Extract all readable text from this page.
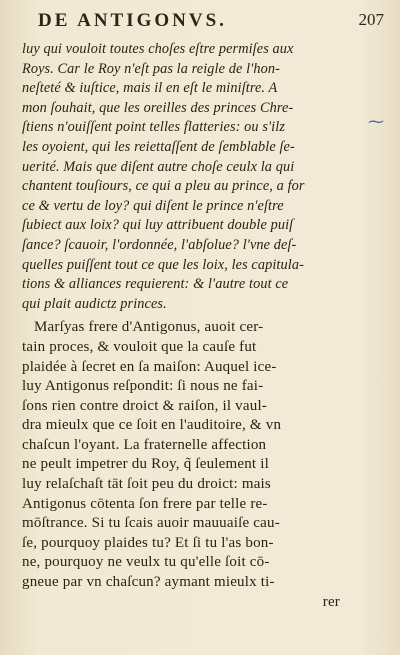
DE ANTIGONVS.	207
⁓
luy qui vouloit toutes choſes eſtre permiſes aux
Roys. Car le Roy n'eſt pas la reigle de l'hon-
neſteté & iuſtice, mais il en eſt le miniſtre. A
mon ſouhait, que les oreilles des princes Chre-
ſtiens n'ouiſſent point telles flatteries: ou s'ilz
les oyoient, qui les reiettaſſent de ſemblable ſe-
uerité. Mais que diſent autre choſe ceulx la qui
chantent touſiours, ce qui a pleu au prince, a for
ce & vertu de loy? qui diſent le prince n'eſtre
ſubiect aux loix? qui luy attribuent double puiſ
ſance? ſcauoir, l'ordonnée, l'abſolue? l'vne deſ-
quelles puiſſent tout ce que les loix, les capitula-
tions & alliances requierent: & l'autre tout ce
qui plait audictz princes.
Marſyas frere d'Antigonus, auoit cer-
tain proces, & vouloit que la cauſe fut
plaidée à ſecret en ſa maiſon: Auquel ice-
luy Antigonus reſpondit: ſi nous ne fai-
ſons rien contre droict & raiſon, il vaul-
dra mieulx que ce ſoit en l'auditoire, & vn
chaſcun l'oyant. La fraternelle affection
ne peult impetrer du Roy, q̃ ſeulement il
luy relaſchaſt tāt ſoit peu du droict: mais
Antigonus cōtenta ſon frere par telle re-
mōſtrance. Si tu ſcais auoir mauuaiſe cau-
ſe, pourquoy plaides tu? Et ſi tu l'as bon-
ne, pourquoy ne veulx tu qu'elle ſoit cō-
gneue par vn chaſcun? aymant mieulx ti-
rer
